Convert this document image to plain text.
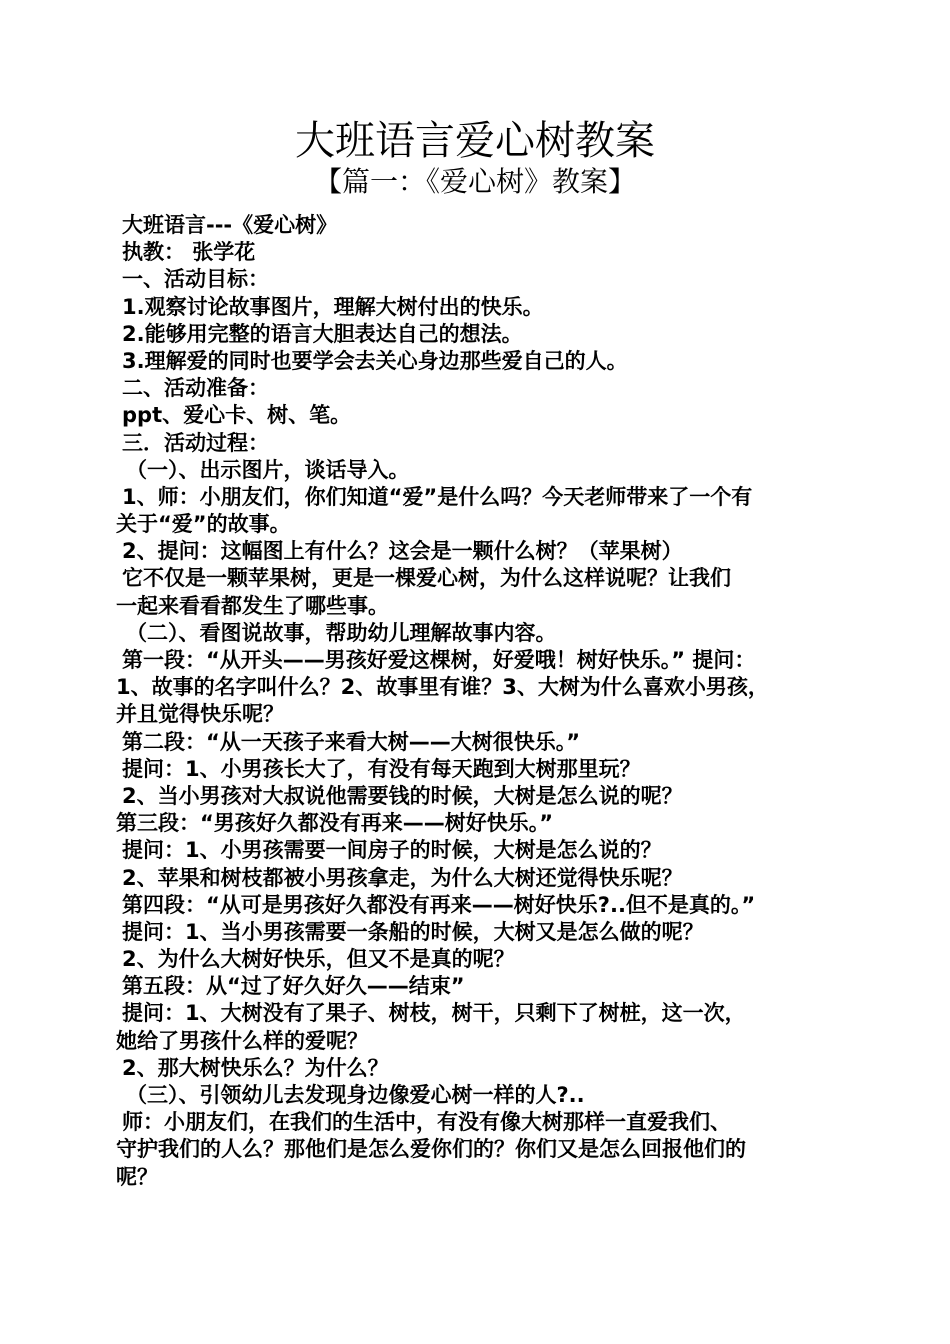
大班语言爱心树教案
【篇一：《爱心树》教案】
大班语言---《爱心树》
执教： 张学花
一、活动目标：
1.观察讨论故事图片，理解大树付出的快乐。
2.能够用完整的语言大胆表达自己的想法。
3.理解爱的同时也要学会去关心身边那些爱自己的人。
二、活动准备：
ppt、爱心卡、树、笔。
三．活动过程：
（一）、出示图片，谈话导入。
1、师：小朋友们，你们知道“爱”是什么吗？今天老师带来了一个有
关于“爱”的故事。
2、提问：这幅图上有什么？这会是一颗什么树？（苹果树）
它不仅是一颗苹果树，更是一棵爱心树，为什么这样说呢？让我们
一起来看看都发生了哪些事。
（二）、看图说故事，帮助幼儿理解故事内容。
第一段：“从开头——男孩好爱这棵树，好爱哦！树好快乐。” 提问：
1、故事的名字叫什么？2、故事里有谁？3、大树为什么喜欢小男孩，
并且觉得快乐呢？
第二段：“从一天孩子来看大树——大树很快乐。”
提问：1、小男孩长大了，有没有每天跑到大树那里玩？
2、当小男孩对大叔说他需要钱的时候，大树是怎么说的呢？
第三段：“男孩好久都没有再来——树好快乐。”
提问：1、小男孩需要一间房子的时候，大树是怎么说的？
2、苹果和树枝都被小男孩拿走，为什么大树还觉得快乐呢？
第四段：“从可是男孩好久都没有再来——树好快乐?..但不是真的。”
提问：1、当小男孩需要一条船的时候，大树又是怎么做的呢？
2、为什么大树好快乐，但又不是真的呢？
第五段：从“过了好久好久——结束”
提问：1、大树没有了果子、树枝，树干，只剩下了树桩，这一次，
她给了男孩什么样的爱呢？
2、那大树快乐么？为什么？
（三）、引领幼儿去发现身边像爱心树一样的人?..
师：小朋友们，在我们的生活中，有没有像大树那样一直爱我们、
守护我们的人么？那他们是怎么爱你们的？你们又是怎么回报他们的
呢？
